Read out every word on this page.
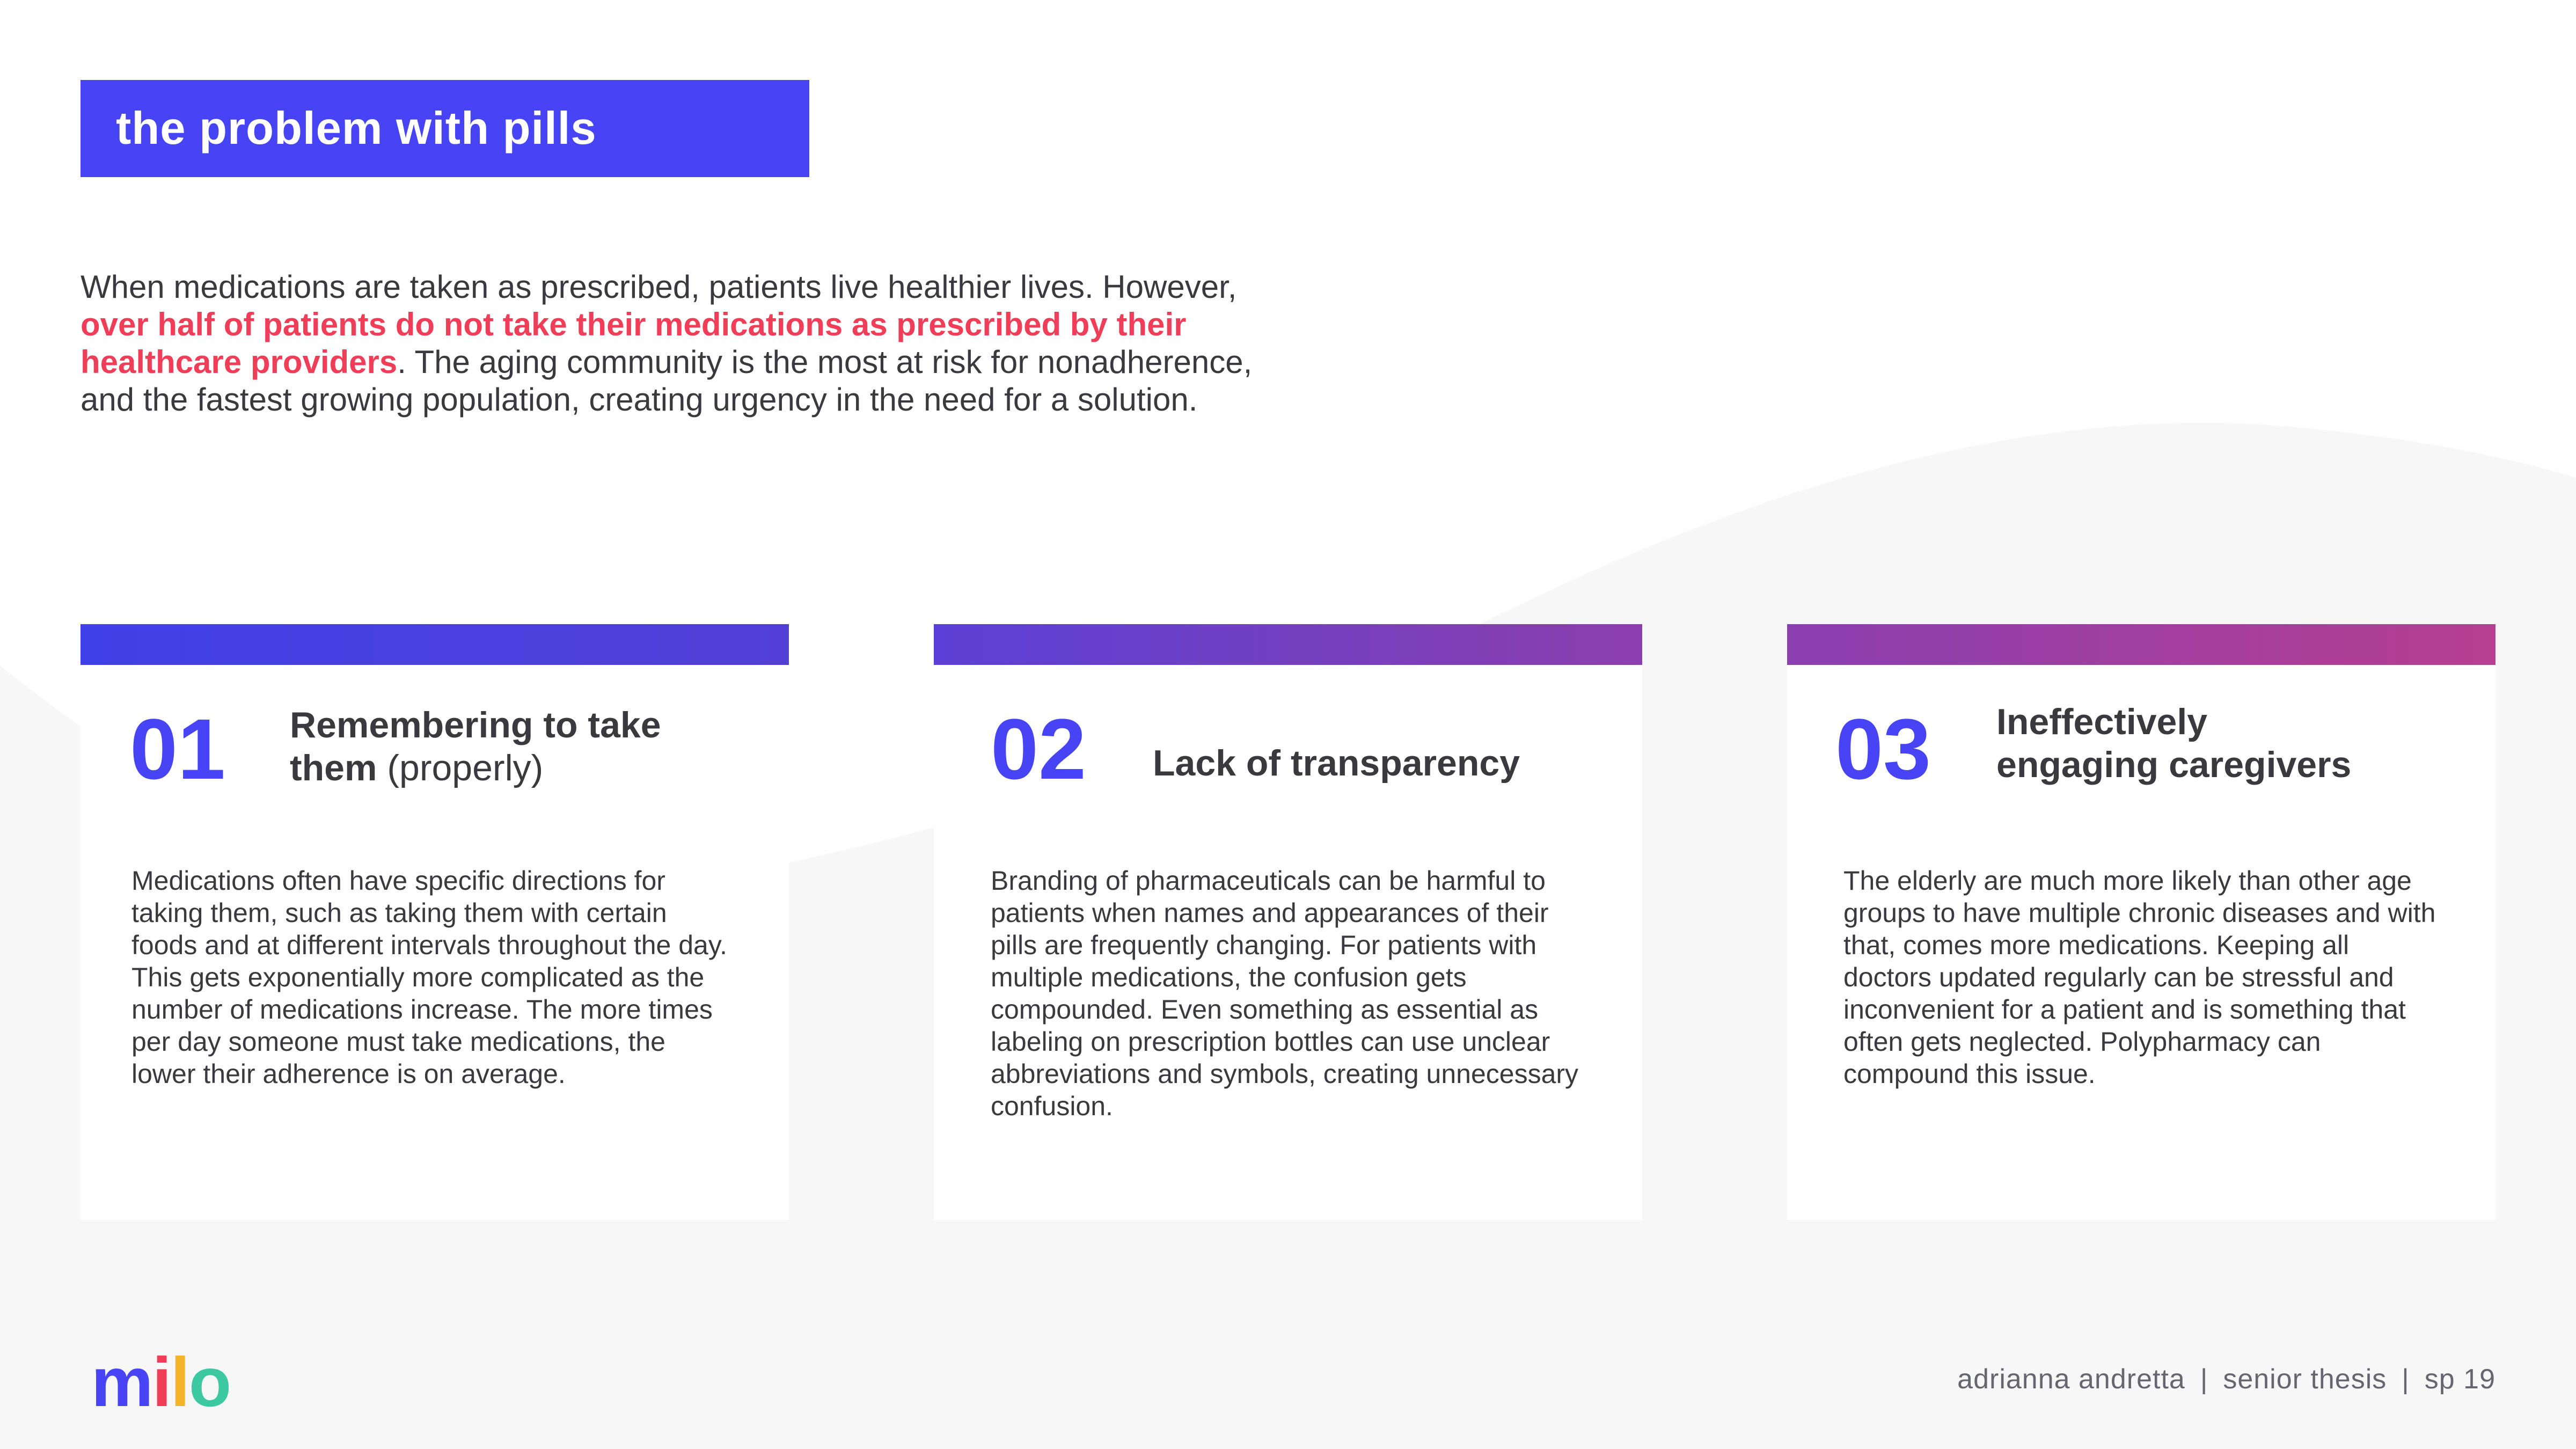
the problem with pills

When medications are taken as prescribed, patients live healthier lives. However, over half of patients do not take their medications as prescribed by their healthcare providers. The aging community is the most at risk for nonadherence, and the fastest growing population, creating urgency in the need for a solution.

01 Remembering to take
them (properly)
Medications often have specific directions for taking them, such as taking them with certain foods and at different intervals throughout the day. This gets exponentially more complicated as the number of medications increase. The more times per day someone must take medications, the lower their adherence is on average.
02 Lack of transparency
Branding of pharmaceuticals can be harmful to patients when names and appearances of their pills are frequently changing. For patients with multiple medications, the confusion gets compounded. Even something as essential as labeling on prescription bottles can use unclear abbreviations and symbols, creating unnecessary confusion.
03 Ineffectively
engaging caregivers
The elderly are much more likely than other age groups to have multiple chronic diseases and with that, comes more medications. Keeping all doctors updated regularly can be stressful and inconvenient for a patient and is something that often gets neglected. Polypharmacy can compound this issue.
milo	adrianna andretta | senior thesis | sp 19
